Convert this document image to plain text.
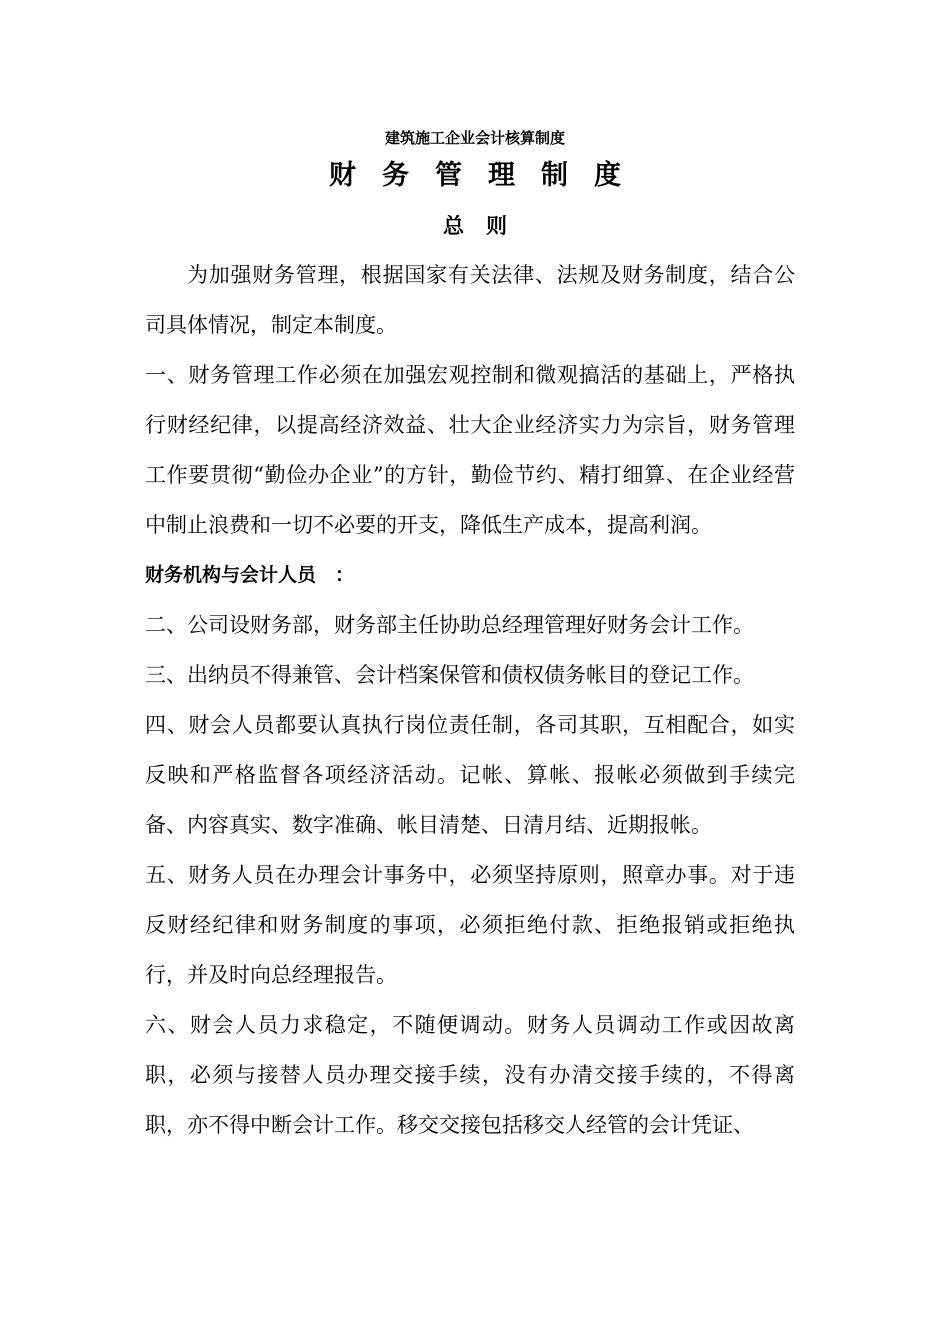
建筑施工企业会计核算制度
财务管理制度
总则

为加强财务管理，根据国家有关法律、法规及财务制度，结合公司具体情况，制定本制度。

一、财务管理工作必须在加强宏观控制和微观搞活的基础上，严格执行财经纪律，以提高经济效益、壮大企业经济实力为宗旨，财务管理工作要贯彻“勤俭办企业”的方针，勤俭节约、精打细算、在企业经营中制止浪费和一切不必要的开支，降低生产成本，提高利润。

财务机构与会计人员　：

二、公司设财务部，财务部主任协助总经理管理好财务会计工作。

三、出纳员不得兼管、会计档案保管和债权债务帐目的登记工作。

四、财会人员都要认真执行岗位责任制，各司其职，互相配合，如实反映和严格监督各项经济活动。记帐、算帐、报帐必须做到手续完备、内容真实、数字准确、帐目清楚、日清月结、近期报帐。

五、财务人员在办理会计事务中，必须坚持原则，照章办事。对于违反财经纪律和财务制度的事项，必须拒绝付款、拒绝报销或拒绝执行，并及时向总经理报告。

六、财会人员力求稳定，不随便调动。财务人员调动工作或因故离职，必须与接替人员办理交接手续，没有办清交接手续的，不得离职，亦不得中断会计工作。移交交接包括移交人经管的会计凭证、
